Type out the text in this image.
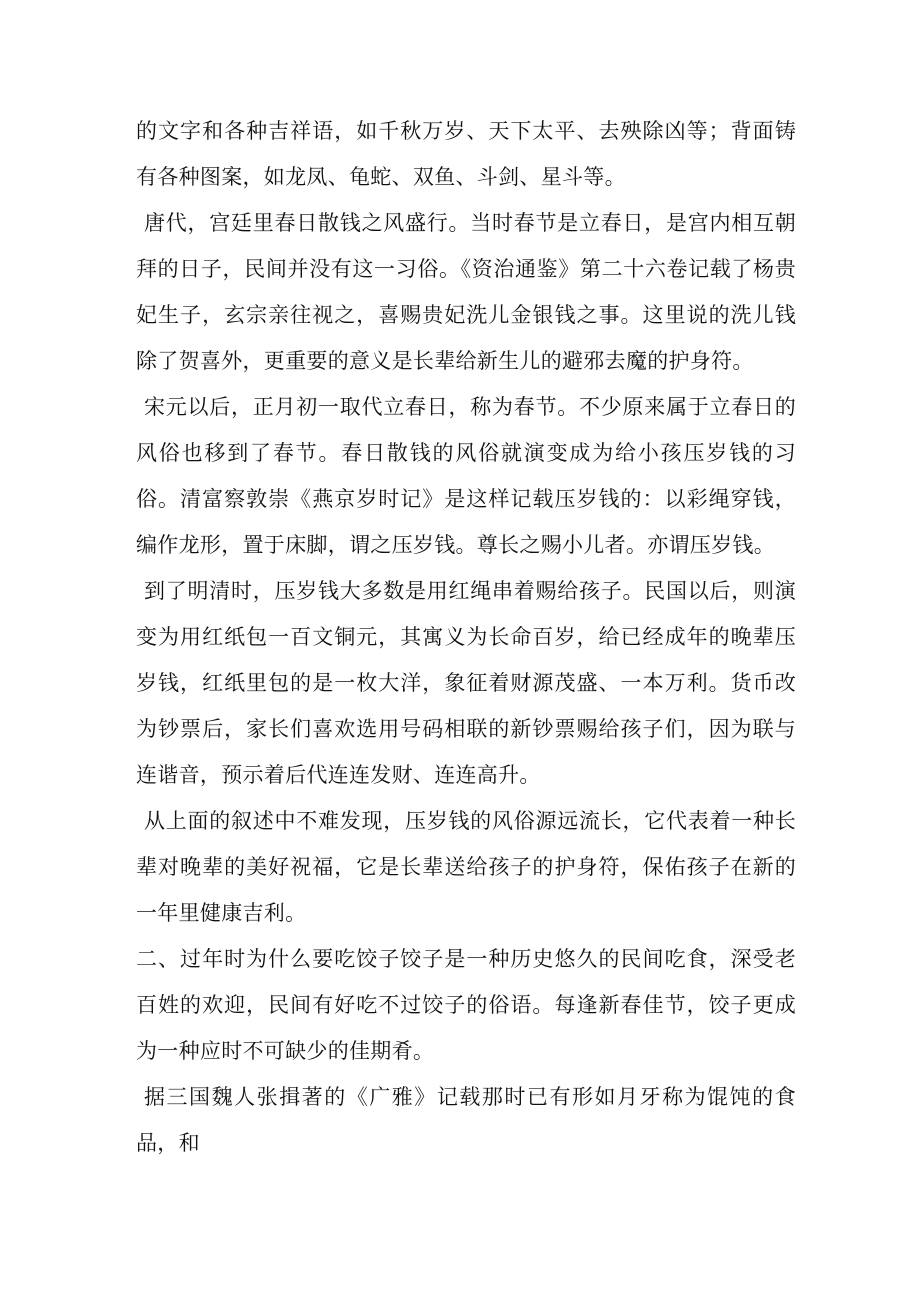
的文字和各种吉祥语，如千秋万岁、天下太平、去殃除凶等；背面铸有各种图案，如龙凤、龟蛇、双鱼、斗剑、星斗等。

唐代，宫廷里春日散钱之风盛行。当时春节是立春日，是宫内相互朝拜的日子，民间并没有这一习俗。《资治通鉴》第二十六卷记载了杨贵妃生子，玄宗亲往视之，喜赐贵妃洗儿金银钱之事。这里说的洗儿钱除了贺喜外，更重要的意义是长辈给新生儿的避邪去魔的护身符。

宋元以后，正月初一取代立春日，称为春节。不少原来属于立春日的风俗也移到了春节。春日散钱的风俗就演变成为给小孩压岁钱的习俗。清富察敦崇《燕京岁时记》是这样记载压岁钱的：以彩绳穿钱，编作龙形，置于床脚，谓之压岁钱。尊长之赐小儿者。亦谓压岁钱。

到了明清时，压岁钱大多数是用红绳串着赐给孩子。民国以后，则演变为用红纸包一百文铜元，其寓义为长命百岁，给已经成年的晚辈压岁钱，红纸里包的是一枚大洋，象征着财源茂盛、一本万利。货币改为钞票后，家长们喜欢选用号码相联的新钞票赐给孩子们，因为联与连谐音，预示着后代连连发财、连连高升。

从上面的叙述中不难发现，压岁钱的风俗源远流长，它代表着一种长辈对晚辈的美好祝福，它是长辈送给孩子的护身符，保佑孩子在新的一年里健康吉利。

二、过年时为什么要吃饺子饺子是一种历史悠久的民间吃食，深受老百姓的欢迎，民间有好吃不过饺子的俗语。每逢新春佳节，饺子更成为一种应时不可缺少的佳期肴。

据三国魏人张揖著的《广雅》记载那时已有形如月牙称为馄饨的食品，和
